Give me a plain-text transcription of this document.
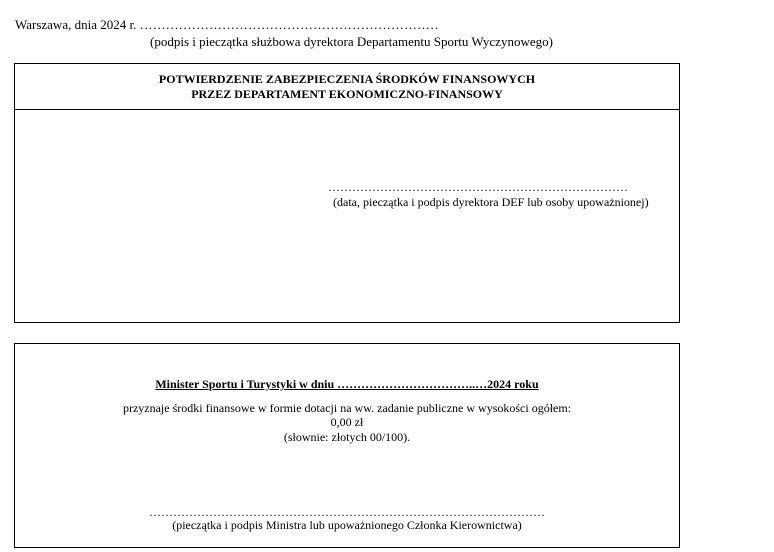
Warszawa, dnia 2024 r. ……………………………………………………………
(podpis i pieczątka służbowa dyrektora Departamentu Sportu Wyczynowego)
POTWIERDZENIE ZABEZPIECZENIA ŚRODKÓW FINANSOWYCH
PRZEZ DEPARTAMENT EKONOMICZNO-FINANSOWY
…………………………………………………………………
(data, pieczątka i podpis dyrektora DEF lub osoby upoważnionej)
Minister Sportu i Turystyki w dniu ……………………………..…2024 roku
przyznaje środki finansowe w formie dotacji na ww. zadanie publiczne w wysokości ogółem:
0,00 zł
(słownie: złotych 00/100).
………………………………………………………………………………………
(pieczątka i podpis Ministra lub upoważnionego Członka Kierownictwa)
